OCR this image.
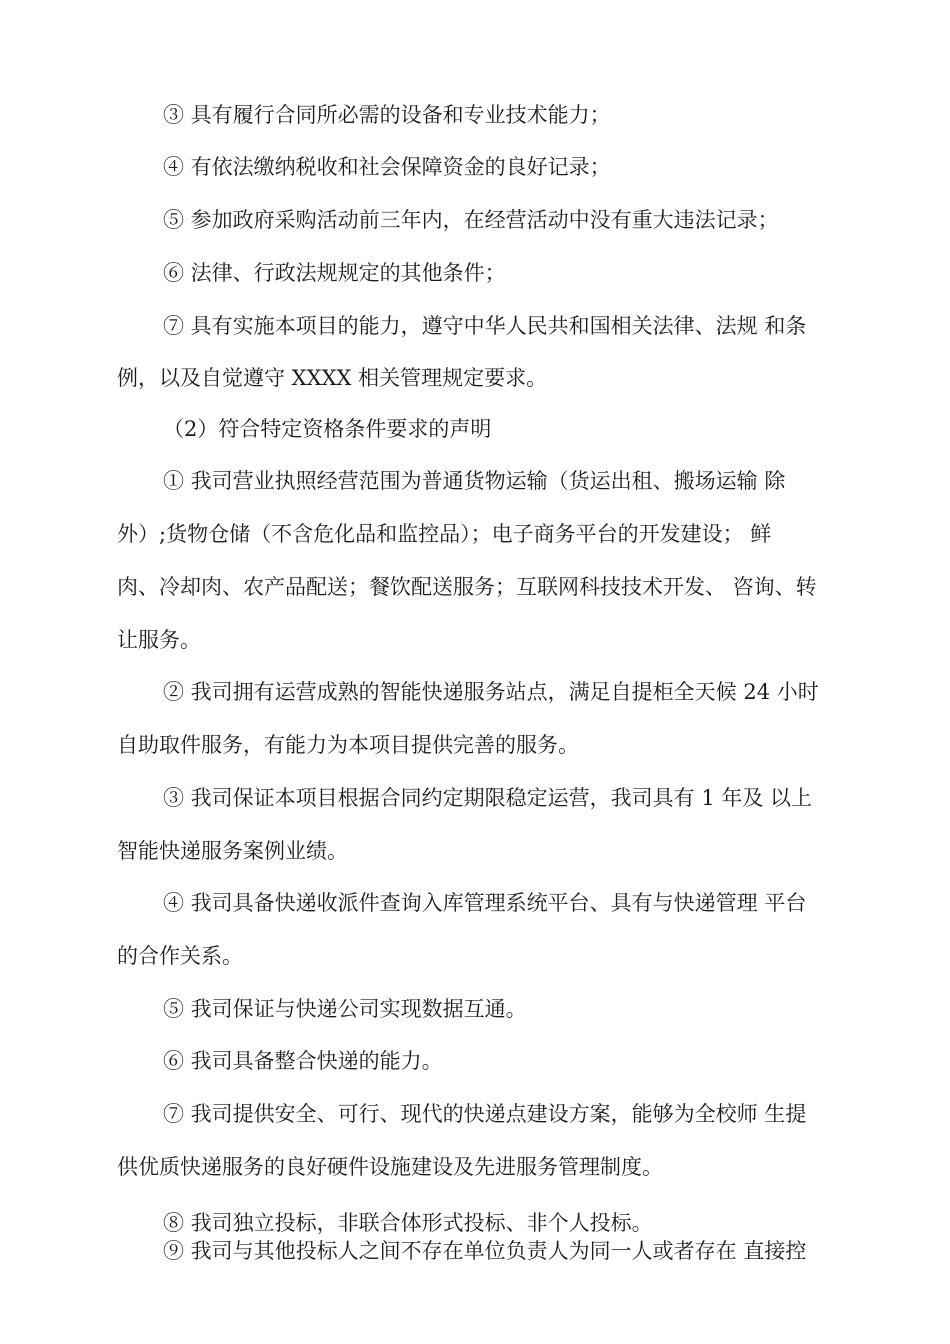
③ 具有履行合同所必需的设备和专业技术能力；
④ 有依法缴纳税收和社会保障资金的良好记录；
⑤ 参加政府采购活动前三年内，在经营活动中没有重大违法记录；
⑥ 法律、行政法规规定的其他条件；
⑦ 具有实施本项目的能力，遵守中华人民共和国相关法律、法规 和条
例，以及自觉遵守 XXXX 相关管理规定要求。
（2）符合特定资格条件要求的声明
① 我司营业执照经营范围为普通货物运输（货运出租、搬场运输 除
外）;货物仓储（不含危化品和监控品）；电子商务平台的开发建设； 鲜
肉、冷却肉、农产品配送；餐饮配送服务；互联网科技技术开发、 咨询、转
让服务。
② 我司拥有运营成熟的智能快递服务站点，满足自提柜全天候 24 小时
自助取件服务，有能力为本项目提供完善的服务。
③ 我司保证本项目根据合同约定期限稳定运营，我司具有 1 年及 以上
智能快递服务案例业绩。
④ 我司具备快递收派件查询入库管理系统平台、具有与快递管理 平台
的合作关系。
⑤ 我司保证与快递公司实现数据互通。
⑥ 我司具备整合快递的能力。
⑦ 我司提供安全、可行、现代的快递点建设方案，能够为全校师 生提
供优质快递服务的良好硬件设施建设及先进服务管理制度。
⑧ 我司独立投标，非联合体形式投标、非个人投标。
⑨ 我司与其他投标人之间不存在单位负责人为同一人或者存在 直接控
